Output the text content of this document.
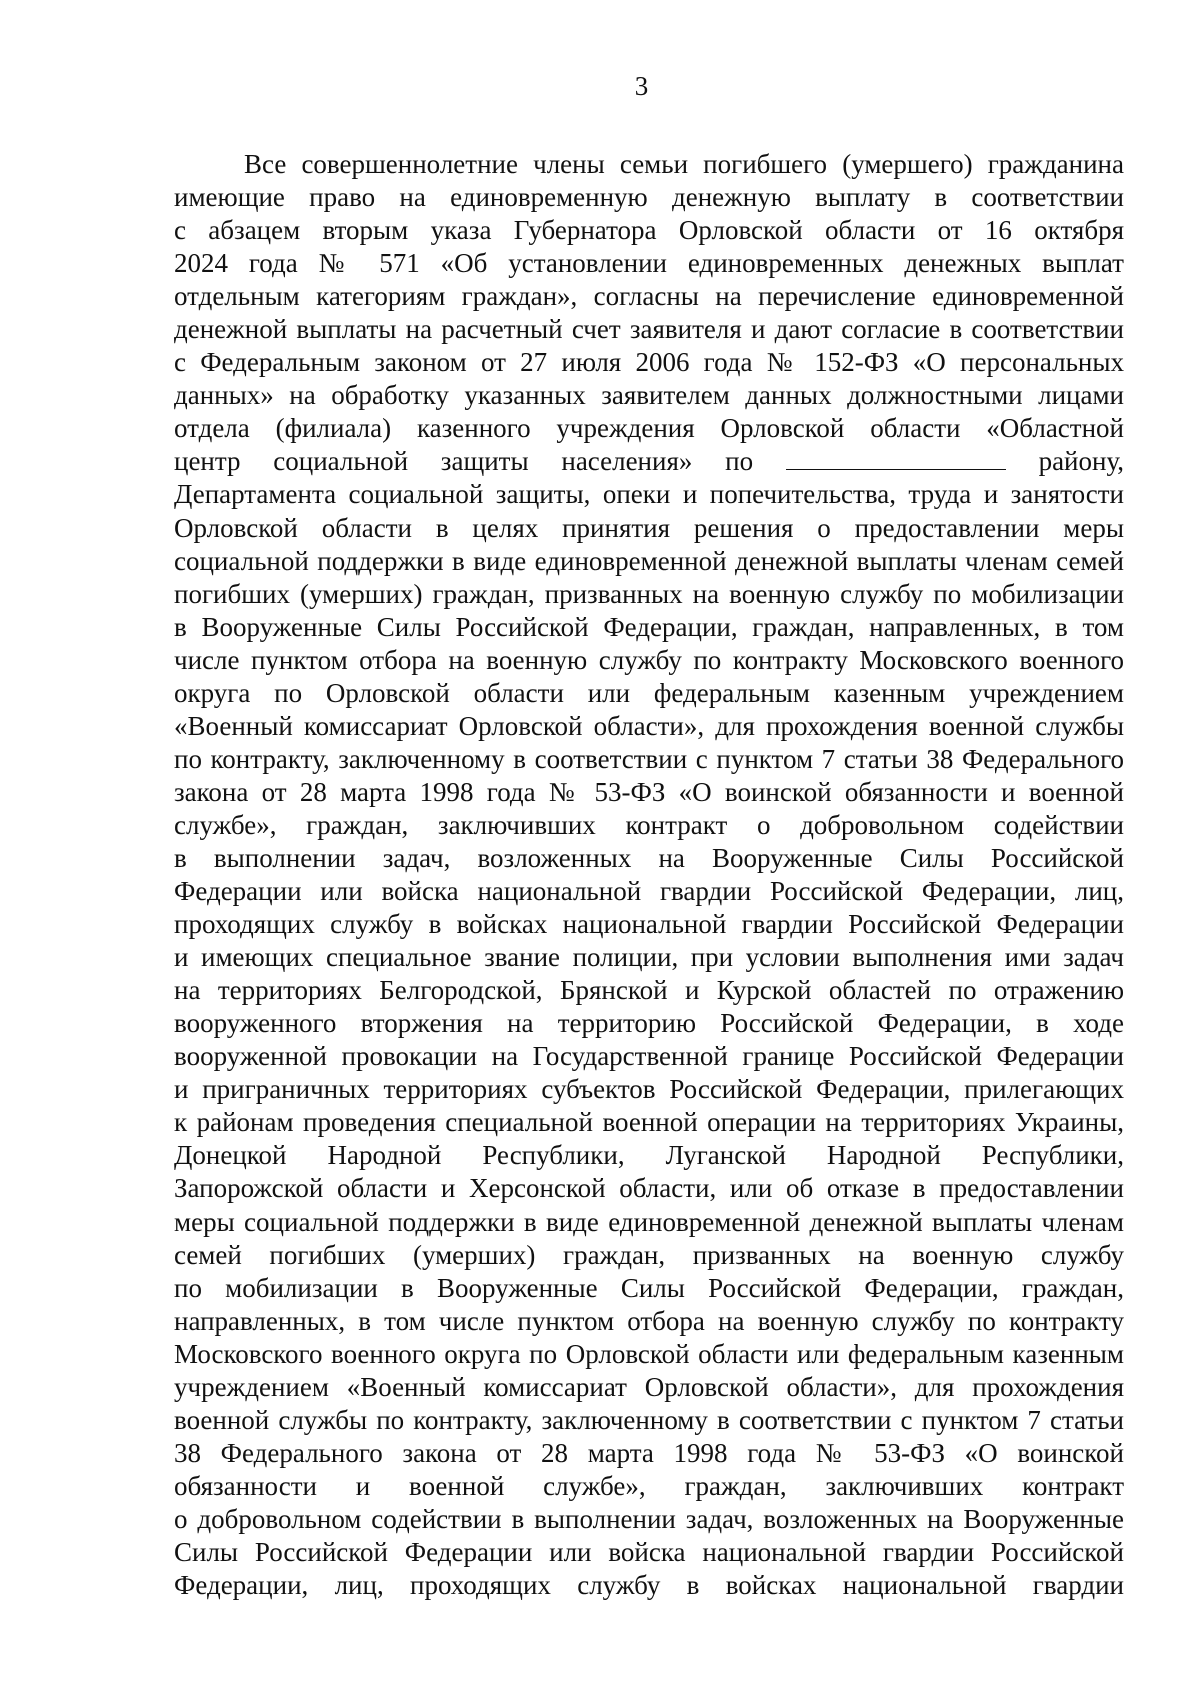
3
Все совершеннолетние члены семьи погибшего (умершего) гражданина
имеющие право на единовременную денежную выплату в соответствии
с абзацем вторым указа Губернатора Орловской области от 16 октября
2024 года № 571 «Об установлении единовременных денежных выплат
отдельным категориям граждан», согласны на перечисление единовременной
денежной выплаты на расчетный счет заявителя и дают согласие в соответствии
с Федеральным законом от 27 июля 2006 года № 152-ФЗ «О персональных
данных» на обработку указанных заявителем данных должностными лицами
отдела (филиала) казенного учреждения Орловской области «Областной
центр социальной защиты населения» по	району,
Департамента социальной защиты, опеки и попечительства, труда и занятости
Орловской области в целях принятия решения о предоставлении меры
социальной поддержки в виде единовременной денежной выплаты членам семей
погибших (умерших) граждан, призванных на военную службу по мобилизации
в Вооруженные Силы Российской Федерации, граждан, направленных, в том
числе пунктом отбора на военную службу по контракту Московского военного
округа по Орловской области или федеральным казенным учреждением
«Военный комиссариат Орловской области», для прохождения военной службы
по контракту, заключенному в соответствии с пунктом 7 статьи 38 Федерального
закона от 28 марта 1998 года № 53-ФЗ «О воинской обязанности и военной
службе», граждан, заключивших контракт о добровольном содействии
в выполнении задач, возложенных на Вооруженные Силы Российской
Федерации или войска национальной гвардии Российской Федерации, лиц,
проходящих службу в войсках национальной гвардии Российской Федерации
и имеющих специальное звание полиции, при условии выполнения ими задач
на территориях Белгородской, Брянской и Курской областей по отражению
вооруженного вторжения на территорию Российской Федерации, в ходе
вооруженной провокации на Государственной границе Российской Федерации
и приграничных территориях субъектов Российской Федерации, прилегающих
к районам проведения специальной военной операции на территориях Украины,
Донецкой Народной Республики, Луганской Народной Республики,
Запорожской области и Херсонской области, или об отказе в предоставлении
меры социальной поддержки в виде единовременной денежной выплаты членам
семей погибших (умерших) граждан, призванных на военную службу
по мобилизации в Вооруженные Силы Российской Федерации, граждан,
направленных, в том числе пунктом отбора на военную службу по контракту
Московского военного округа по Орловской области или федеральным казенным
учреждением «Военный комиссариат Орловской области», для прохождения
военной службы по контракту, заключенному в соответствии с пунктом 7 статьи
38 Федерального закона от 28 марта 1998 года № 53-ФЗ «О воинской
обязанности и военной службе», граждан, заключивших контракт
о добровольном содействии в выполнении задач, возложенных на Вооруженные
Силы Российской Федерации или войска национальной гвардии Российской
Федерации, лиц, проходящих службу в войсках национальной гвардии
